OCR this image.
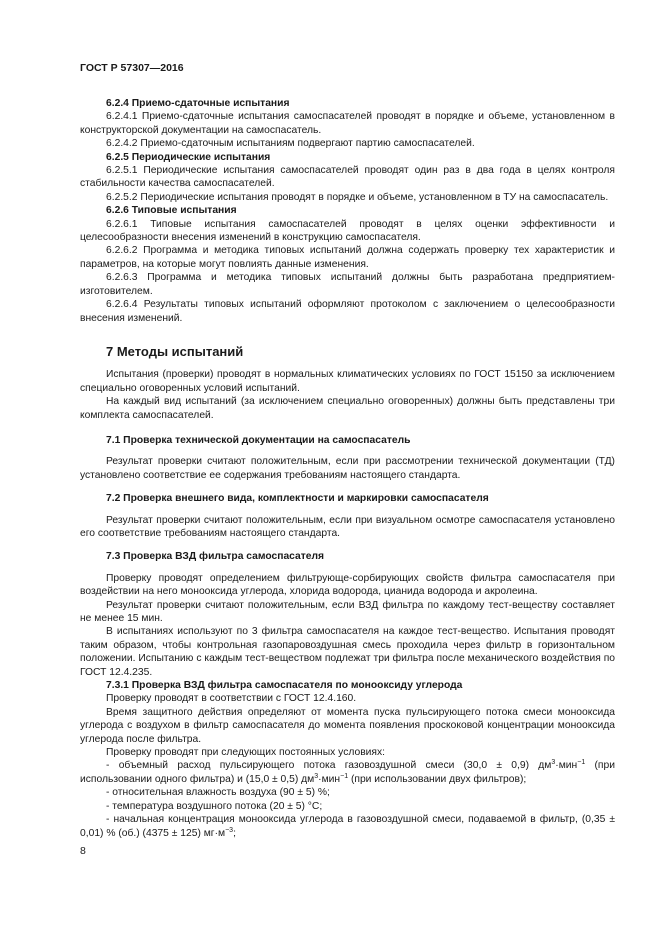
ГОСТ Р 57307—2016

6.2.4 Приемо-сдаточные испытания

6.2.4.1 Приемо-сдаточные испытания самоспасателей проводят в порядке и объеме, установленном в конструкторской документации на самоспасатель.

6.2.4.2 Приемо-сдаточным испытаниям подвергают партию самоспасателей.

6.2.5 Периодические испытания

6.2.5.1 Периодические испытания самоспасателей проводят один раз в два года в целях контроля стабильности качества самоспасателей.

6.2.5.2 Периодические испытания проводят в порядке и объеме, установленном в ТУ на самоспасатель.

6.2.6 Типовые испытания

6.2.6.1 Типовые испытания самоспасателей проводят в целях оценки эффективности и целесообразности внесения изменений в конструкцию самоспасателя.

6.2.6.2 Программа и методика типовых испытаний должна содержать проверку тех характеристик и параметров, на которые могут повлиять данные изменения.

6.2.6.3 Программа и методика типовых испытаний должны быть разработана предприятием-изготовителем.

6.2.6.4 Результаты типовых испытаний оформляют протоколом с заключением о целесообразности внесения изменений.

7 Методы испытаний

Испытания (проверки) проводят в нормальных климатических условиях по ГОСТ 15150 за исключением специально оговоренных условий испытаний.

На каждый вид испытаний (за исключением специально оговоренных) должны быть представлены три комплекта самоспасателей.

7.1 Проверка технической документации на самоспасатель

Результат проверки считают положительным, если при рассмотрении технической документации (ТД) установлено соответствие ее содержания требованиям настоящего стандарта.

7.2 Проверка внешнего вида, комплектности и маркировки самоспасателя

Результат проверки считают положительным, если при визуальном осмотре самоспасателя установлено его соответствие требованиям настоящего стандарта.

7.3 Проверка ВЗД фильтра самоспасателя

Проверку проводят определением фильтрующе-сорбирующих свойств фильтра самоспасателя при воздействии на него монооксида углерода, хлорида водорода, цианида водорода и акролеина.

Результат проверки считают положительным, если ВЗД фильтра по каждому тест-веществу составляет не менее 15 мин.

В испытаниях используют по 3 фильтра самоспасателя на каждое тест-вещество. Испытания проводят таким образом, чтобы контрольная газопаровоздушная смесь проходила через фильтр в горизонтальном положении. Испытанию с каждым тест-веществом подлежат три фильтра после механического воздействия по ГОСТ 12.4.235.

7.3.1 Проверка ВЗД фильтра самоспасателя по монооксиду углерода

Проверку проводят в соответствии с ГОСТ 12.4.160.

Время защитного действия определяют от момента пуска пульсирующего потока смеси монооксида углерода с воздухом в фильтр самоспасателя до момента появления проскоковой концентрации монооксида углерода после фильтра.

Проверку проводят при следующих постоянных условиях:

- объемный расход пульсирующего потока газовоздушной смеси (30,0 ± 0,9) $дм^3\cdot мин^{-1}$ (при использовании одного фильтра) и (15,0 ± 0,5) $дм^3\cdot мин^{-1}$ (при использовании двух фильтров);

- относительная влажность воздуха (90 ± 5) %;

- температура воздушного потока (20 ± 5) °С;

- начальная концентрация монооксида углерода в газовоздушной смеси, подаваемой в фильтр, (0,35 ± 0,01) % (об.) (4375 ± 125) $мг\cdot м^{-3}$;

8
